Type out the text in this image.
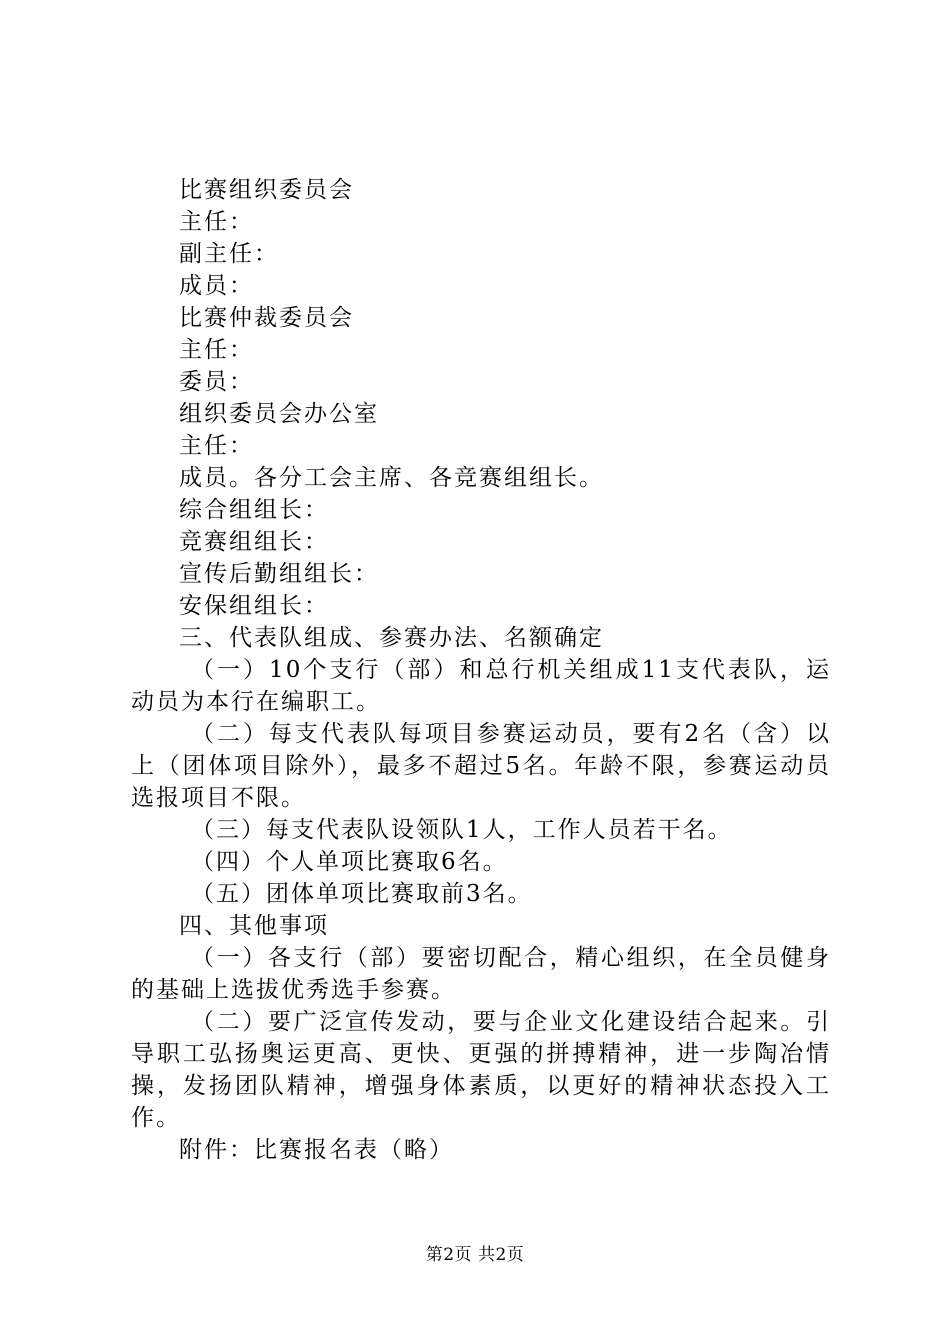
比赛组织委员会
主任：
副主任：
成员：
比赛仲裁委员会
主任：
委员：
组织委员会办公室
主任：
成员。各分工会主席、各竞赛组组长。
综合组组长：
竞赛组组长：
宣传后勤组组长：
安保组组长：
三、代表队组成、参赛办法、名额确定
（一）10个支行（部）和总行机关组成11支代表队，运动员为本行在编职工。
（二）每支代表队每项目参赛运动员，要有2名（含）以上（团体项目除外），最多不超过5名。年龄不限，参赛运动员选报项目不限。
（三）每支代表队设领队1人，工作人员若干名。
（四）个人单项比赛取6名。
（五）团体单项比赛取前3名。
四、其他事项
（一）各支行（部）要密切配合，精心组织，在全员健身的基础上选拔优秀选手参赛。
（二）要广泛宣传发动，要与企业文化建设结合起来。引导职工弘扬奥运更高、更快、更强的拼搏精神，进一步陶冶情操，发扬团队精神，增强身体素质，以更好的精神状态投入工作。
附件：比赛报名表（略）
第2页 共2页
